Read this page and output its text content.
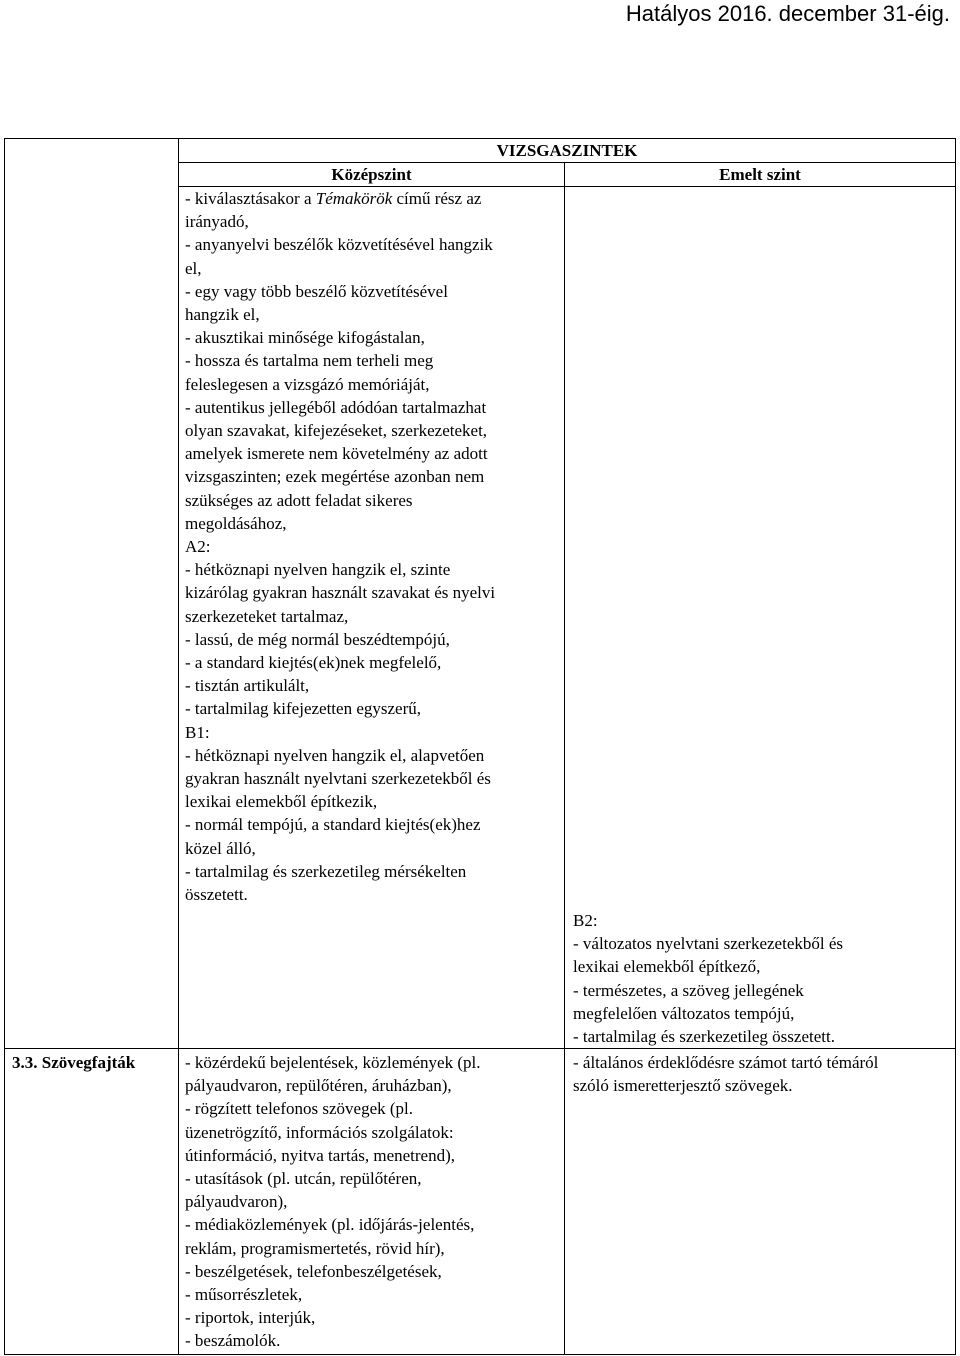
Hatályos 2016. december 31-éig.
VIZSGASZINTEK
Középszint	Emelt szint
- kiválasztásakor a Témakörök című rész az
irányadó,
- anyanyelvi beszélők közvetítésével hangzik
el,
- egy vagy több beszélő közvetítésével
hangzik el,
- akusztikai minősége kifogástalan,
- hossza és tartalma nem terheli meg
feleslegesen a vizsgázó memóriáját,
- autentikus jellegéből adódóan tartalmazhat
olyan szavakat, kifejezéseket, szerkezeteket,
amelyek ismerete nem követelmény az adott
vizsgaszinten; ezek megértése azonban nem
szükséges az adott feladat sikeres
megoldásához,
A2:
- hétköznapi nyelven hangzik el, szinte
kizárólag gyakran használt szavakat és nyelvi
szerkezeteket tartalmaz,
- lassú, de még normál beszédtempójú,
- a standard kiejtés(ek)nek megfelelő,
- tisztán artikulált,
- tartalmilag kifejezetten egyszerű,
B1:
- hétköznapi nyelven hangzik el, alapvetően
gyakran használt nyelvtani szerkezetekből és
lexikai elemekből építkezik,
- normál tempójú, a standard kiejtés(ek)hez
közel álló,
- tartalmilag és szerkezetileg mérsékelten
összetett.
B2:
- változatos nyelvtani szerkezetekből és
lexikai elemekből építkező,
- természetes, a szöveg jellegének
megfelelően változatos tempójú,
- tartalmilag és szerkezetileg összetett.
3.3. Szövegfajták	- közérdekű bejelentések, közlemények (pl.
pályaudvaron, repülőtéren, áruházban),
- rögzített telefonos szövegek (pl.
üzenetrögzítő, információs szolgálatok:
útinformáció, nyitva tartás, menetrend),
- utasítások (pl. utcán, repülőtéren,
pályaudvaron),
- médiaközlemények (pl. időjárás-jelentés,
reklám, programismertetés, rövid hír),
- beszélgetések, telefonbeszélgetések,
- műsorrészletek,
- riportok, interjúk,
- beszámolók.
- általános érdeklődésre számot tartó témáról
szóló ismeretterjesztő szövegek.
